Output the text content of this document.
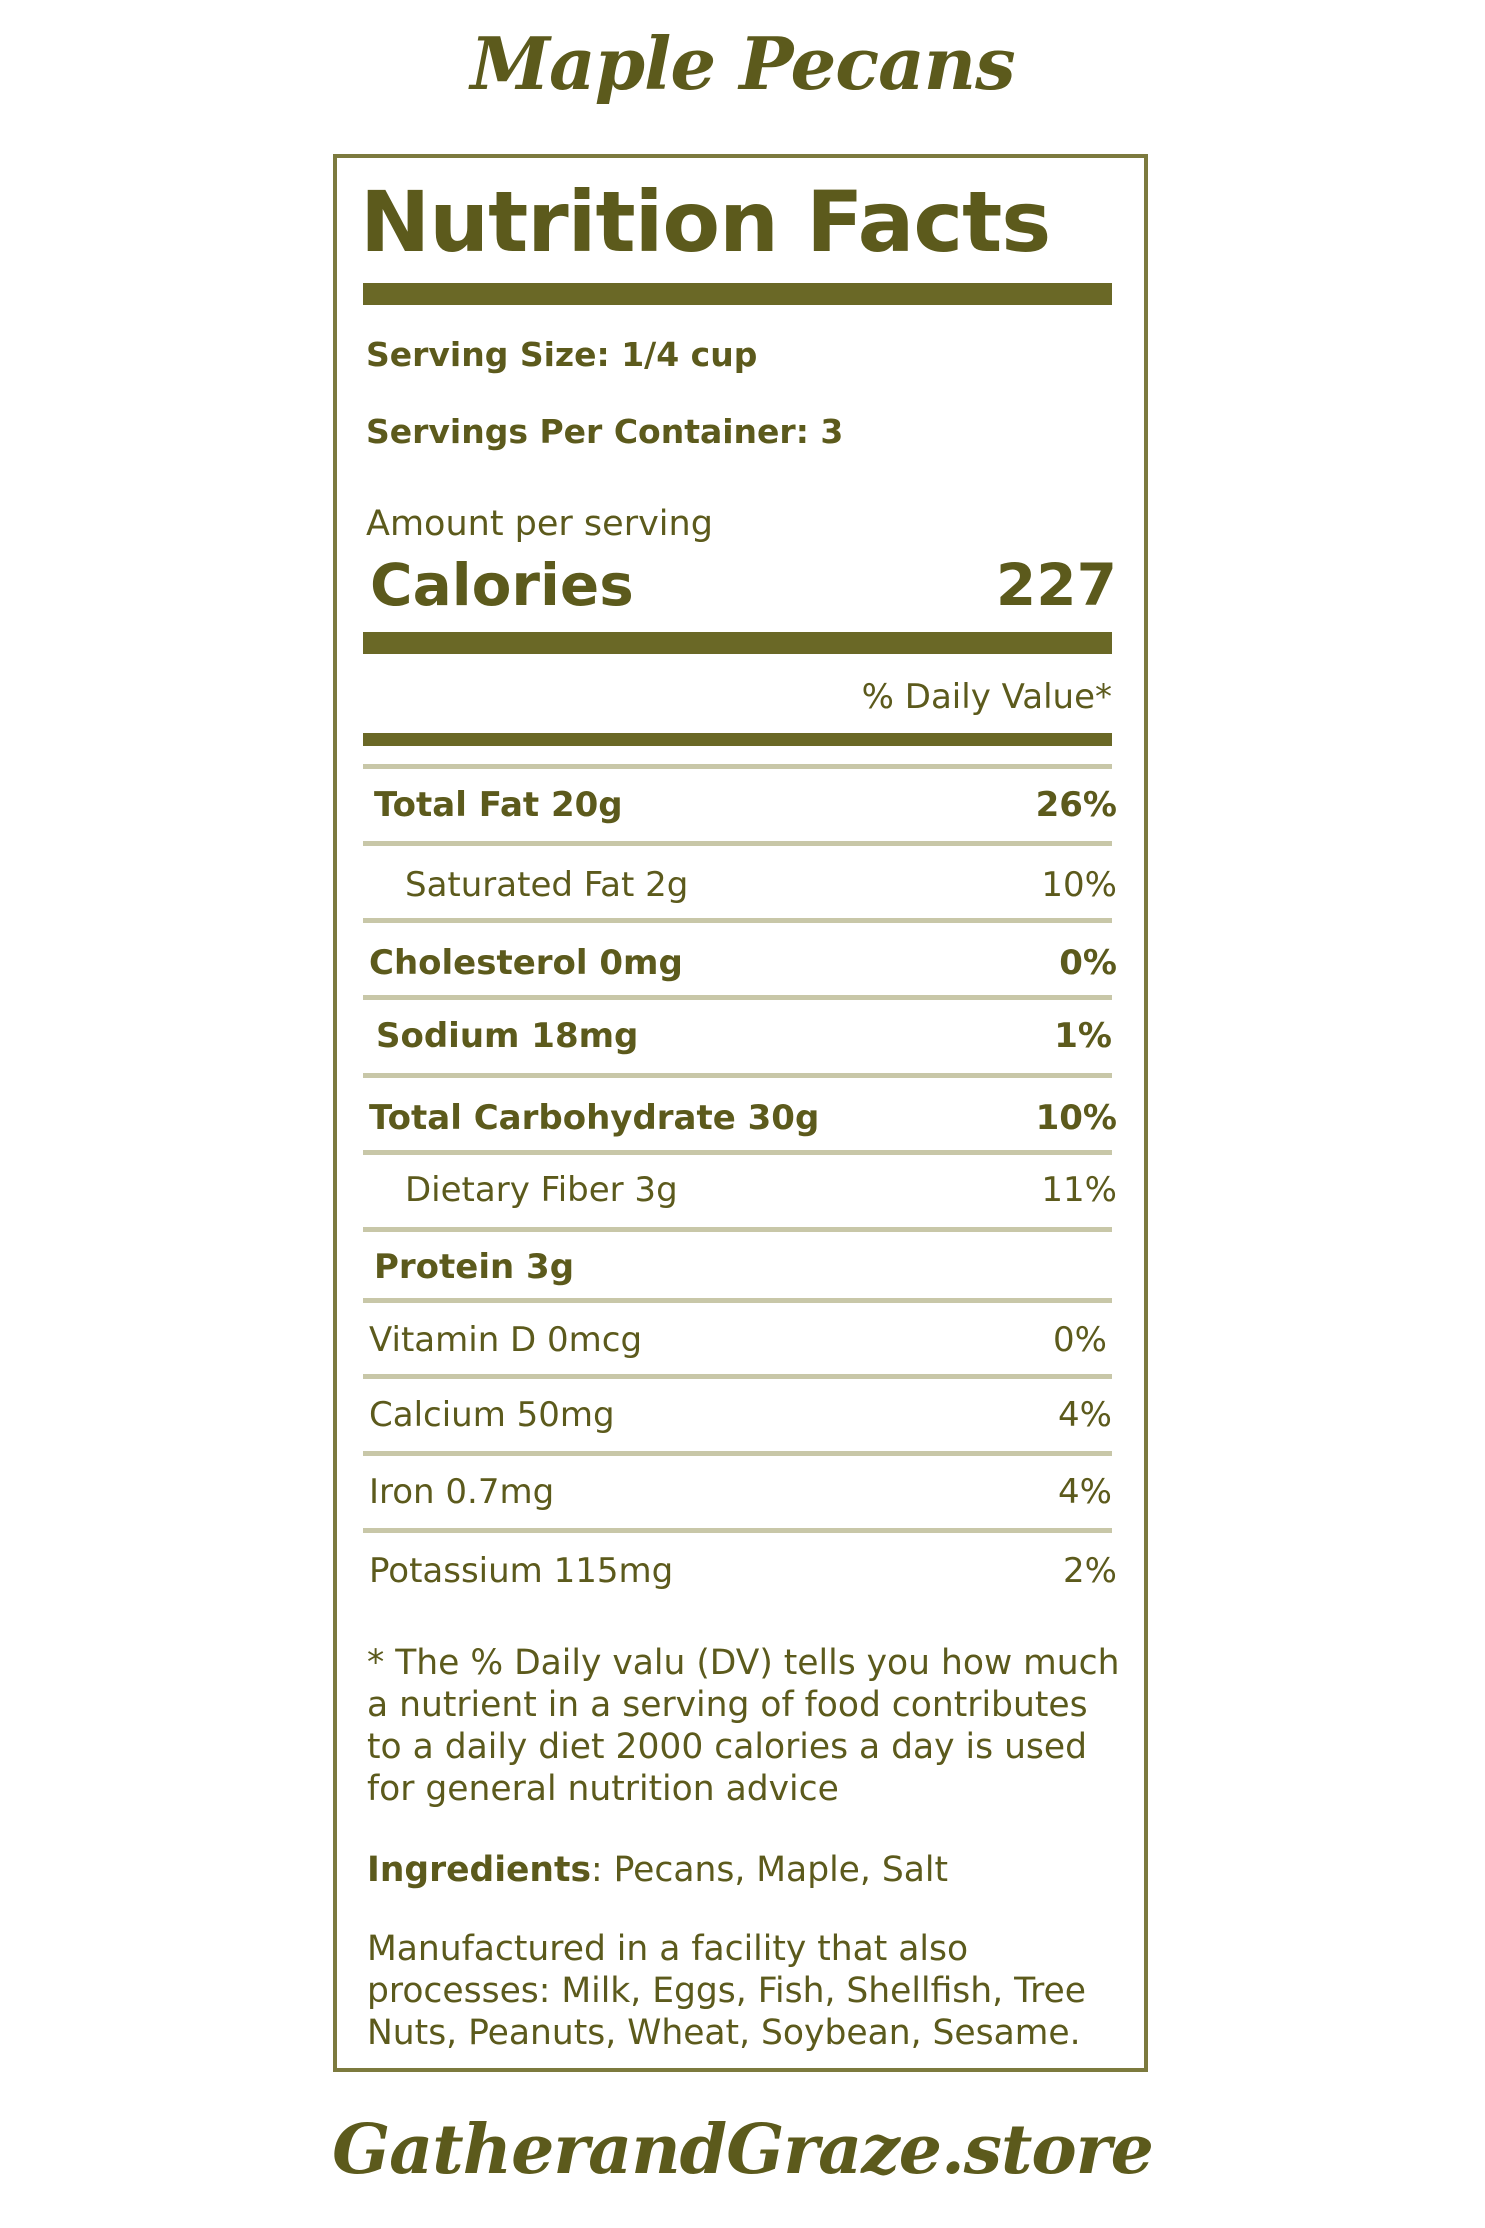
Maple Pecans
Nutrition Facts
Serving Size: 1/4 cup
Servings Per Container: 3
Amount per serving
Calories	227
% Daily Value*
Total Fat 20g	26%
Saturated Fat 2g	10%
Cholesterol 0mg	0%
Sodium 18mg	1%
Total Carbohydrate 30g	10%
Dietary Fiber 3g	11%
Protein 3g
Vitamin D 0mcg	0%
Calcium 50mg	4%
Iron 0.7mg	4%
Potassium 115mg	2%
* The % Daily valu (DV) tells you how much a nutrient in a serving of food contributes to a daily diet 2000 calories a day is used for general nutrition advice
Ingredients: Pecans, Maple, Salt
Manufactured in a facility that also processes: Milk, Eggs, Fish, Shellfish, Tree Nuts, Peanuts, Wheat, Soybean, Sesame.
GatherandGraze.store
